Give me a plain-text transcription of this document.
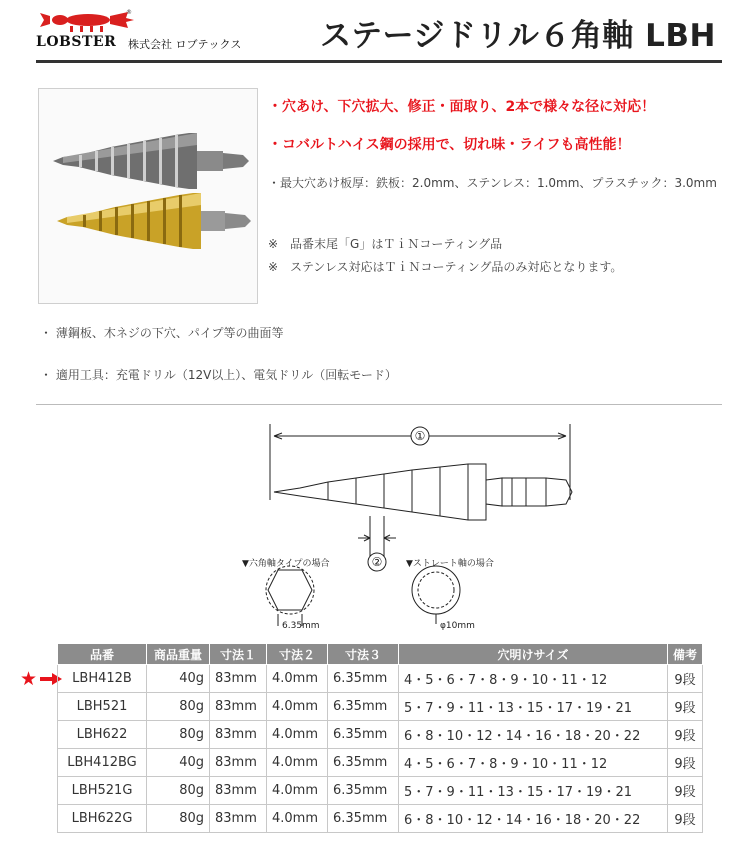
®
LOBSTER 株式会社 ロブテックス	ステージドリル６角軸 LBH
・穴あけ、下穴拡大、修正・面取り、2本で様々な径に対応！
・コバルトハイス鋼の採用で、切れ味・ライフも高性能！
・最大穴あけ板厚：鉄板：2.0mm、ステンレス：1.0mm、プラスチック：3.0mm
※　品番末尾「G」はＴｉＮコーティング品
※　ステンレス対応はＴｉＮコーティング品のみ対応となります。
・ 薄鋼板、木ネジの下穴、パイプ等の曲面等
・ 適用工具：充電ドリル（12V以上）、電気ドリル（回転モード）
①
②
▼六角軸タイプの場合
6.35mm
▼ストレート軸の場合
φ10mm
★
品番	商品重量	寸法１	寸法２	寸法３	穴明けサイズ	備考
LBH412B	40g	83mm	4.0mm	6.35mm	4・5・6・7・8・9・10・11・12	9段
LBH521	80g	83mm	4.0mm	6.35mm	5・7・9・11・13・15・17・19・21	9段
LBH622	80g	83mm	4.0mm	6.35mm	6・8・10・12・14・16・18・20・22	9段
LBH412BG	40g	83mm	4.0mm	6.35mm	4・5・6・7・8・9・10・11・12	9段
LBH521G	80g	83mm	4.0mm	6.35mm	5・7・9・11・13・15・17・19・21	9段
LBH622G	80g	83mm	4.0mm	6.35mm	6・8・10・12・14・16・18・20・22	9段
